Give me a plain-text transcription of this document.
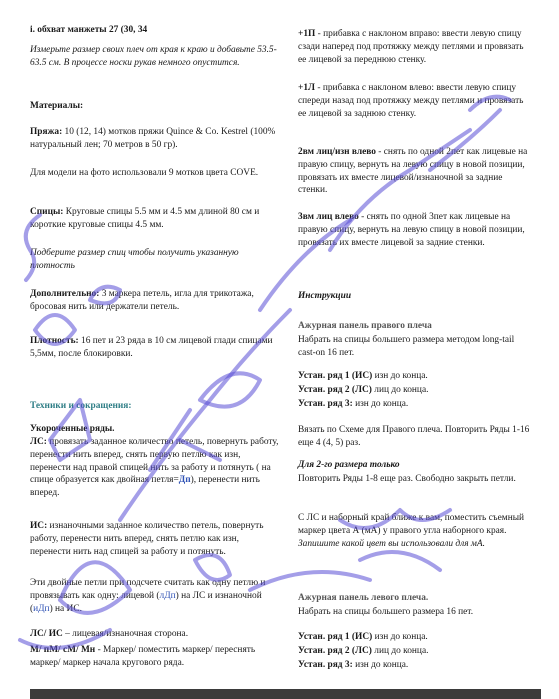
i. обхват манжеты 27 (30, 34

Измерьте размер своих плеч от края к краю и добавьте 53.5-63.5 см. В процессе носки рукав немного опустится.

Материалы:

Пряжа: 10 (12, 14) мотков пряжи Quince & Co. Kestrel (100% натуральный лен; 70 метров в 50 гр).

Для модели на фото использовали 9 мотков цвета COVE.

Спицы: Круговые спицы 5.5 мм и 4.5 мм длиной 80 см и короткие круговые спицы 4.5 мм.

Подберите размер спиц чтобы получить указанную плотность

Дополнительно: 3 маркера петель, игла для трикотажа, бросовая нить или держатели петель.

Плотность: 16 пет и 23 ряда в 10 см лицевой глади спицами 5,5мм, после блокировки.

Техники и сокращения:

Укороченные ряды.

ЛС: провязать заданное количество петель, повернуть работу, перенести нить вперед, снять первую петлю как изн, перенести над правой спицей нить за работу и потянуть ( на спице образуется как двойная петля=Дп), перенести нить вперед.

ИС: изнаночными заданное количество петель, повернуть работу, перенести нить вперед, снять петлю как изн, перенести нить над спицей за работу и потянуть.

Эти двойные петли при подсчете считать как одну петлю и провязывать как одну: лицевой (лДп) на ЛС и изнаночной (иДп) на ИС.

ЛС/ ИС – лицевая/изнаночная сторона.

М/ пМ/ сМ/ Мн - Маркер/ поместить маркер/ переснять маркер/ маркер начала кругового ряда.

+1П - прибавка с наклоном вправо: ввести левую спицу сзади наперед под протяжку между петлями и провязать ее лицевой за переднюю стенку.

+1Л - прибавка с наклоном влево: ввести левую спицу спереди назад под протяжку между петлями и провязать ее лицевой за заднюю стенку.

2вм лиц/изн влево - снять по одной 2пет как лицевые на правую спицу, вернуть на левую спицу в новой позиции, провязать их вместе лицевой/изнаночной за задние стенки.

3вм лиц влево - снять по одной 3пет как лицевые на правую спицу, вернуть на левую спицу в новой позиции, провязать их вместе лицевой за задние стенки.

Инструкции

Ажурная панель правого плеча

Набрать на спицы большего размера методом long-tail cast-on 16 пет.

Устан. ряд 1 (ИС) изн до конца.

Устан. ряд 2 (ЛС) лиц до конца.

Устан. ряд 3: изн до конца.

Вязать по Схеме для Правого плеча. Повторить Ряды 1-16 еще 4 (4, 5) раз.

Для 2-го размера только

Повторить Ряды 1-8 еще раз. Свободно закрыть петли.

С ЛС и наборный край ближе к вам, поместить съемный маркер цвета А (мА) у правого угла наборного края. Запишите какой цвет вы использовали для мА.

Ажурная панель левого плеча.

Набрать на спицы большего размера 16 пет.

Устан. ряд 1 (ИС) изн до конца.

Устан. ряд 2 (ЛС) лиц до конца.

Устан. ряд 3: изн до конца.
